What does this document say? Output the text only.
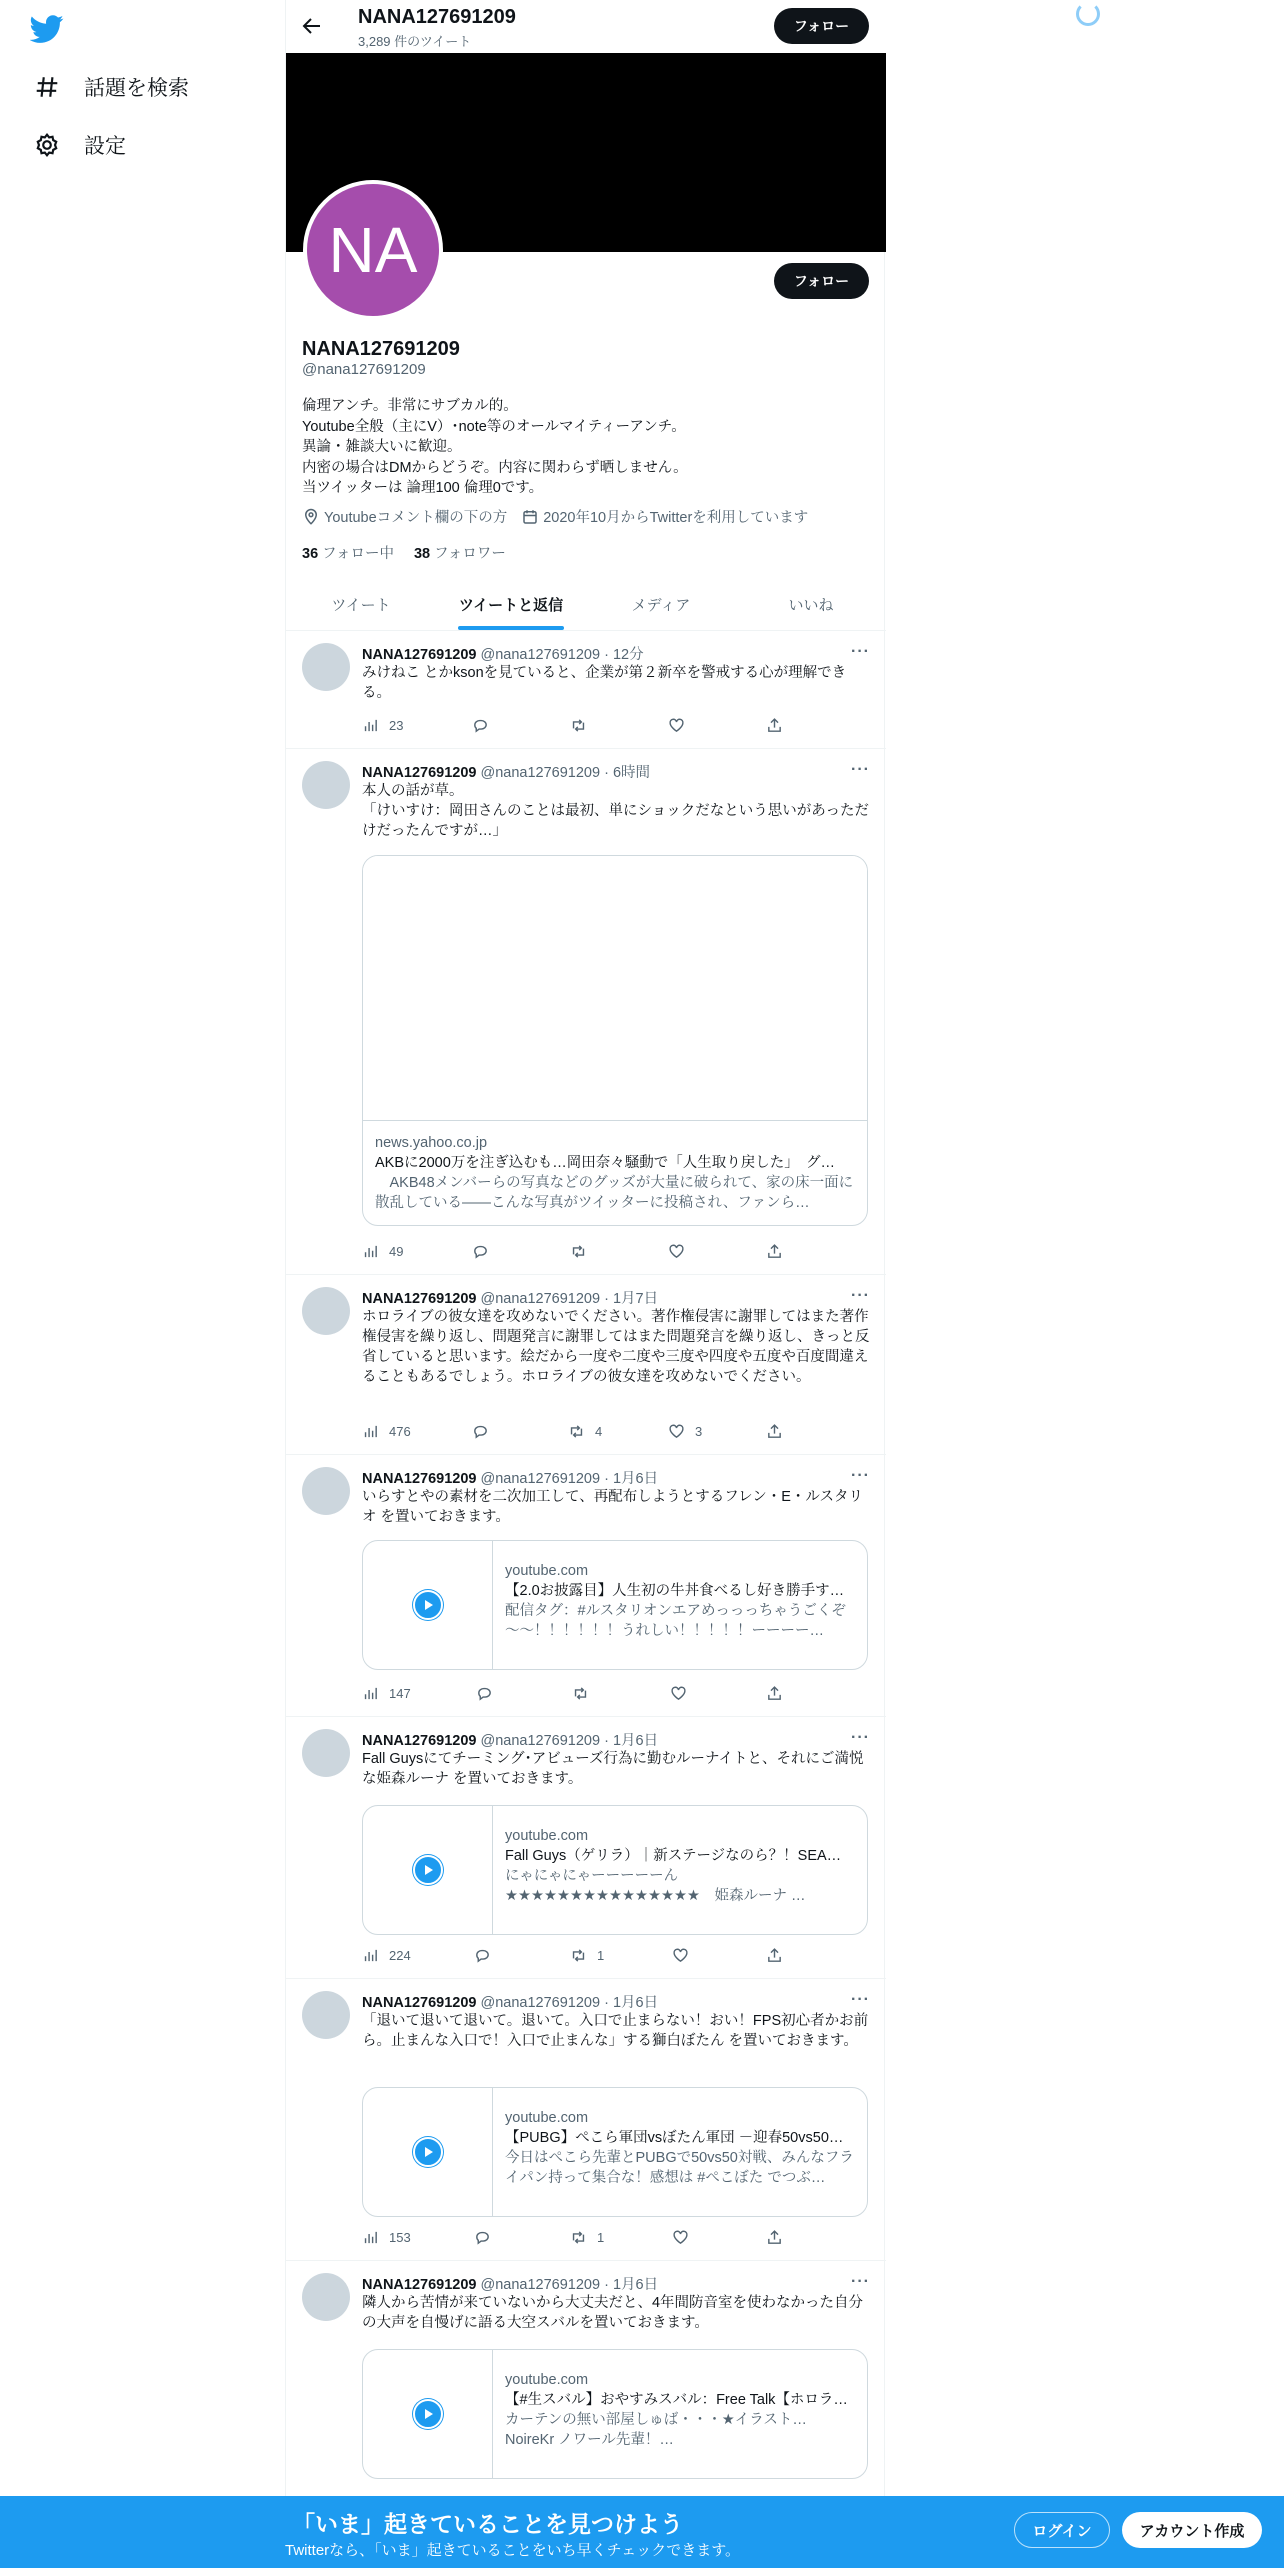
話題を検索
設定
NANA127691209
3,289 件のツイート
フォロー
NA	フォロー
NANA127691209
@nana127691209
倫理アンチ。非常にサブカル的。
Youtube全般（主にV）･note等のオールマイティーアンチ。
異論・雑談大いに歓迎。
内密の場合はDMからどうぞ。内容に関わらず晒しません。
当ツイッターは 論理100 倫理0です。
Youtubeコメント欄の下の方 2020年10月からTwitterを利用しています
36 フォロー中 38 フォロワー
ツイート	ツイートと返信	メディア	いいね
NANA127691209 @nana127691209 · 12分	···
みけねこ とかksonを見ていると、企業が第２新卒を警戒する心が理解できる。
23
NANA127691209 @nana127691209 · 6時間	···
本人の話が草。
「けいすけ：岡田さんのことは最初、単にショックだなという思いがあっただけだったんですが…」
news.yahoo.co.jp
AKBに2000万を注ぎ込むも…岡田奈々騒動で「人生取り戻した」　グ…
　AKB48メンバーらの写真などのグッズが大量に破られて、家の床一面に散乱している――こんな写真がツイッターに投稿され、ファンら…
49
NANA127691209 @nana127691209 · 1月7日	···
ホロライブの彼女達を攻めないでください。著作権侵害に謝罪してはまた著作権侵害を繰り返し、問題発言に謝罪してはまた問題発言を繰り返し、きっと反省していると思います。絵だから一度や二度や三度や四度や五度や百度間違えることもあるでしょう。ホロライブの彼女達を攻めないでください。
476	4	3
NANA127691209 @nana127691209 · 1月6日	···
いらすとやの素材を二次加工して、再配布しようとするフレン・E・ルスタリオ を置いておきます。
youtube.com
【2.0お披露目】人生初の牛丼食べるし好き勝手す…
配信タグ：#ルスタリオンエアめっっっちゃうごくぞ～～！！！！！！うれしい！！！！！ーーーー…
147
NANA127691209 @nana127691209 · 1月6日	···
Fall Guysにてチーミング･アビューズ行為に勤むルーナイトと、それにご満悦な姫森ルーナ を置いておきます。
youtube.com
Fall Guys（ゲリラ）｜新ステージなのら？！SEA…
にゃにゃにゃーーーーーん
★★★★★★★★★★★★★★★　姫森ルーナ …
224	1
NANA127691209 @nana127691209 · 1月6日	···
「退いて退いて退いて。退いて。入口で止まらない！おい！FPS初心者かお前ら。止まんな入口で！入口で止まんな」する獅白ぼたん を置いておきます。
youtube.com
【PUBG】ぺこら軍団vsぼたん軍団 －迎春50vs50…
今日はぺこら先輩とPUBGで50vs50対戦、みんなフライパン持って集合な！感想は #ぺこぼた でつぶ…
153	1
NANA127691209 @nana127691209 · 1月6日	···
隣人から苦情が来ていないから大丈夫だと、4年間防音室を使わなかった自分の大声を自慢げに語る大空スバルを置いておきます。
youtube.com
【#生スバル】おやすみスバル：Free Talk【ホロラ…
カーテンの無い部屋しゅば・・・★イラスト…
NoireKr ノワール先輩！…
「いま」起きていることを見つけよう
Twitterなら、「いま」起きていることをいち早くチェックできます。
ログイン	アカウント作成
